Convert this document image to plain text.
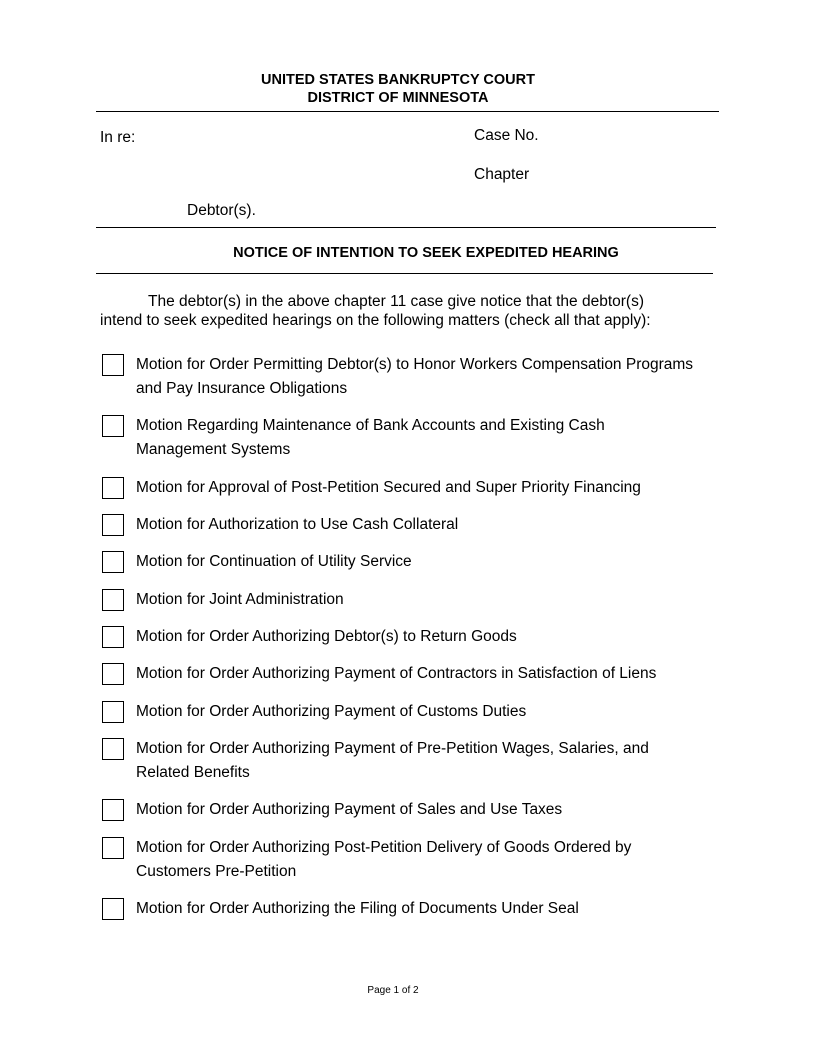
UNITED STATES BANKRUPTCY COURT
DISTRICT OF MINNESOTA
In re:	Case No.
Chapter
Debtor(s).
NOTICE OF INTENTION TO SEEK EXPEDITED HEARING
The debtor(s) in the above chapter 11 case give notice that the debtor(s)
intend to seek expedited hearings on the following matters (check all that apply):
Motion for Order Permitting Debtor(s) to Honor Workers Compensation Programs and Pay Insurance Obligations
Motion Regarding Maintenance of Bank Accounts and Existing Cash Management Systems
Motion for Approval of Post-Petition Secured and Super Priority Financing
Motion for Authorization to Use Cash Collateral
Motion for Continuation of Utility Service
Motion for Joint Administration
Motion for Order Authorizing Debtor(s) to Return Goods
Motion for Order Authorizing Payment of Contractors in Satisfaction of Liens
Motion for Order Authorizing Payment of Customs Duties
Motion for Order Authorizing Payment of Pre-Petition Wages, Salaries, and Related Benefits
Motion for Order Authorizing Payment of Sales and Use Taxes
Motion for Order Authorizing Post-Petition Delivery of Goods Ordered by Customers Pre-Petition
Motion for Order Authorizing the Filing of Documents Under Seal
Page 1 of 2
